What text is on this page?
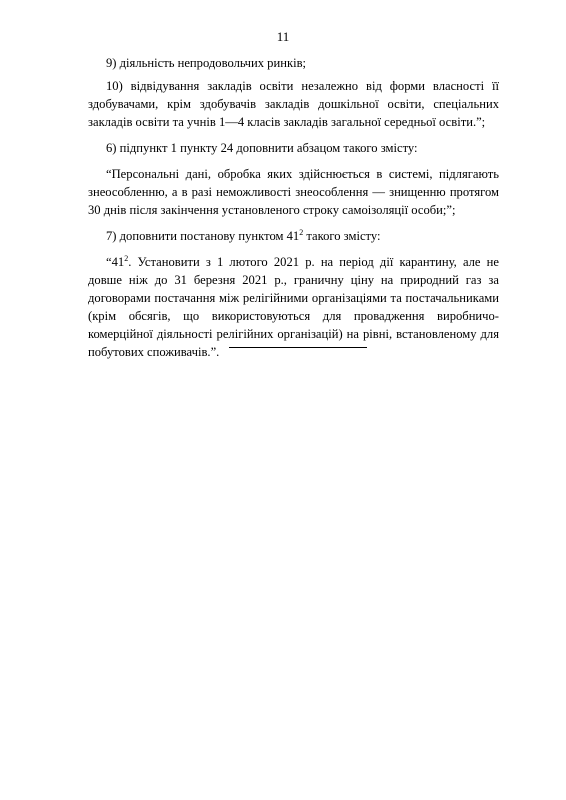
11

9) діяльність непродовольчих ринків;

10) відвідування закладів освіти незалежно від форми власності її здобувачами, крім здобувачів закладів дошкільної освіти, спеціальних закладів освіти та учнів 1—4 класів закладів загальної середньої освіти.”;

6) підпункт 1 пункту 24 доповнити абзацом такого змісту:

“Персональні дані, обробка яких здійснюється в системі, підлягають знеособленню, а в разі неможливості знеособлення — знищенню протягом 30 днів після закінчення установленого строку самоізоляції особи;”;

7) доповнити постанову пунктом $41^2$ такого змісту:

“$41^2$. Установити з 1 лютого 2021 р. на період дії карантину, але не довше ніж до 31 березня 2021 р., граничну ціну на природний газ за договорами постачання між релігійними організаціями та постачальниками (крім обсягів, що використовуються для провадження виробничо-комерційної діяльності релігійних організацій) на рівні, встановленому для побутових споживачів.”.
